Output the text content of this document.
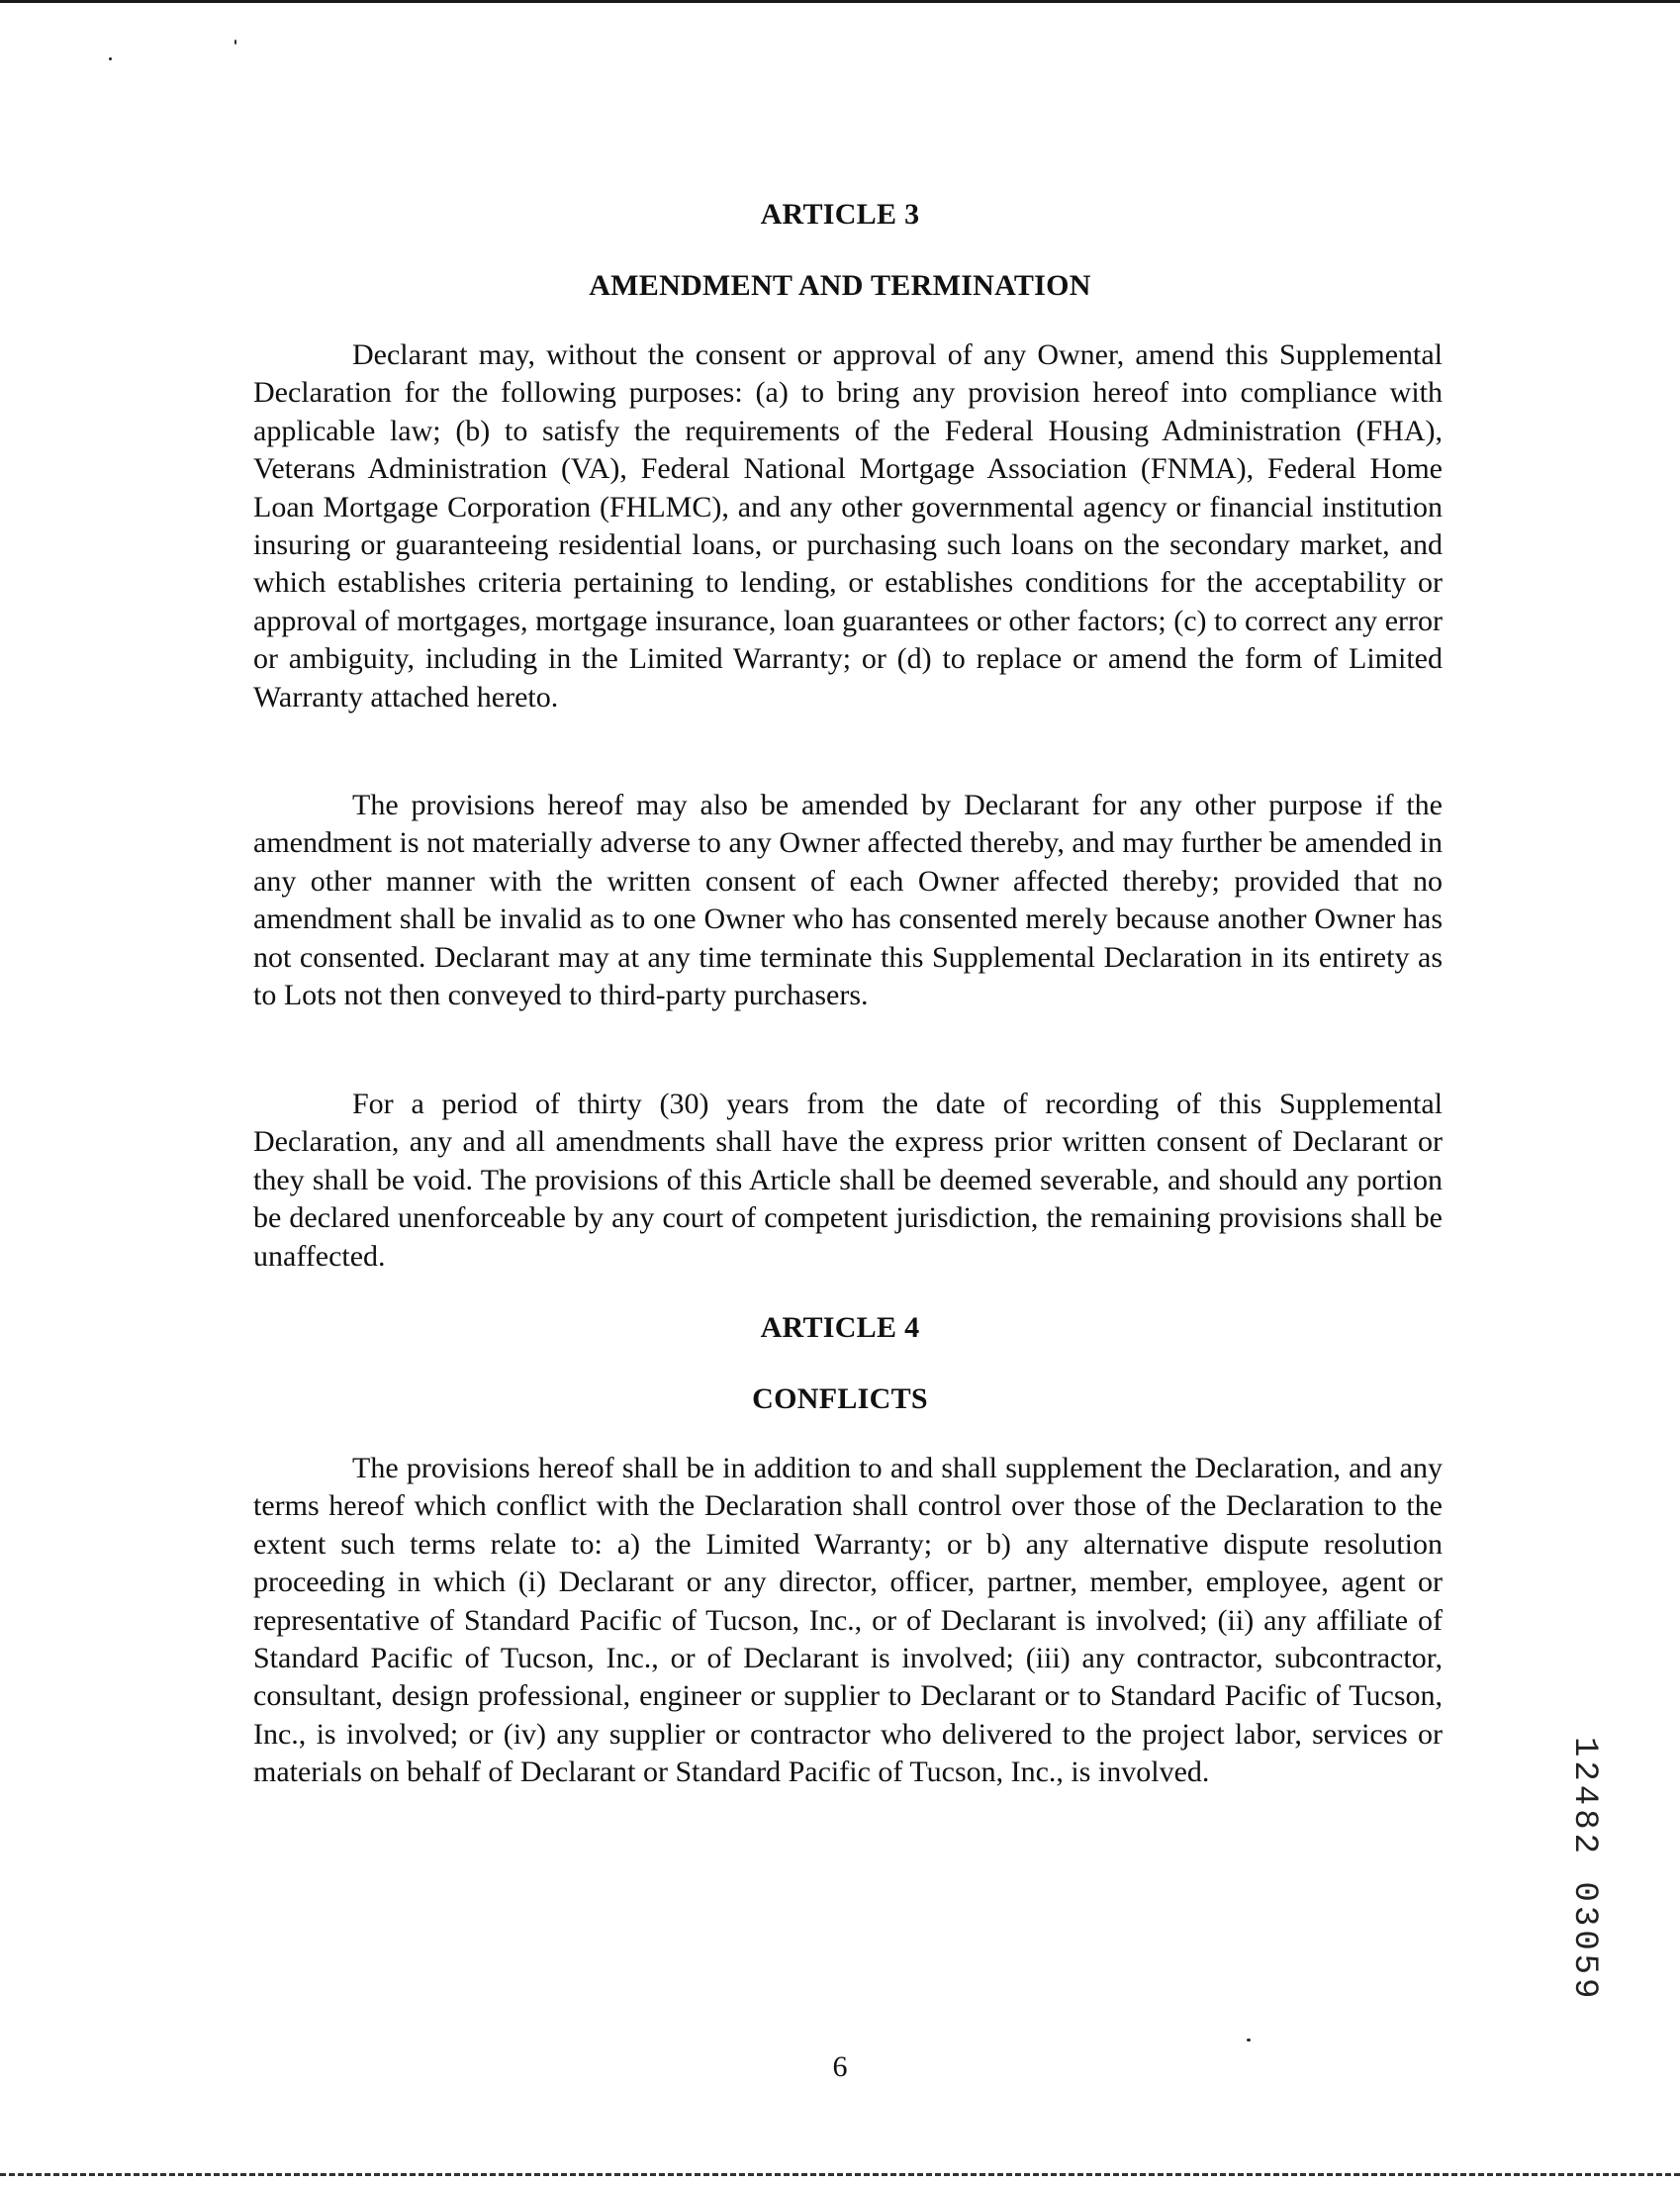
ARTICLE 3
AMENDMENT AND TERMINATION

Declarant may, without the consent or approval of any Owner, amend this Supplemental Declaration for the following purposes: (a) to bring any provision hereof into compliance with applicable law; (b) to satisfy the requirements of the Federal Housing Administration (FHA), Veterans Administration (VA), Federal National Mortgage Association (FNMA), Federal Home Loan Mortgage Corporation (FHLMC), and any other governmental agency or financial institution insuring or guaranteeing residential loans, or purchasing such loans on the secondary market, and which establishes criteria pertaining to lending, or establishes conditions for the acceptability or approval of mortgages, mortgage insurance, loan guarantees or other factors; (c) to correct any error or ambiguity, including in the Limited Warranty; or (d) to replace or amend the form of Limited Warranty attached hereto.

The provisions hereof may also be amended by Declarant for any other purpose if the amendment is not materially adverse to any Owner affected thereby, and may further be amended in any other manner with the written consent of each Owner affected thereby; provided that no amendment shall be invalid as to one Owner who has consented merely because another Owner has not consented. Declarant may at any time terminate this Supplemental Declaration in its entirety as to Lots not then conveyed to third-party purchasers.

For a period of thirty (30) years from the date of recording of this Supplemental Declaration, any and all amendments shall have the express prior written consent of Declarant or they shall be void. The provisions of this Article shall be deemed severable, and should any portion be declared unenforceable by any court of competent jurisdiction, the remaining provisions shall be unaffected.

ARTICLE 4
CONFLICTS

The provisions hereof shall be in addition to and shall supplement the Declaration, and any terms hereof which conflict with the Declaration shall control over those of the Declaration to the extent such terms relate to: a) the Limited Warranty; or b) any alternative dispute resolution proceeding in which (i) Declarant or any director, officer, partner, member, employee, agent or representative of Standard Pacific of Tucson, Inc., or of Declarant is involved; (ii) any affiliate of Standard Pacific of Tucson, Inc., or of Declarant is involved; (iii) any contractor, subcontractor, consultant, design professional, engineer or supplier to Declarant or to Standard Pacific of Tucson, Inc., is involved; or (iv) any supplier or contractor who delivered to the project labor, services or materials on behalf of Declarant or Standard Pacific of Tucson, Inc., is involved.	12482 03059
6
